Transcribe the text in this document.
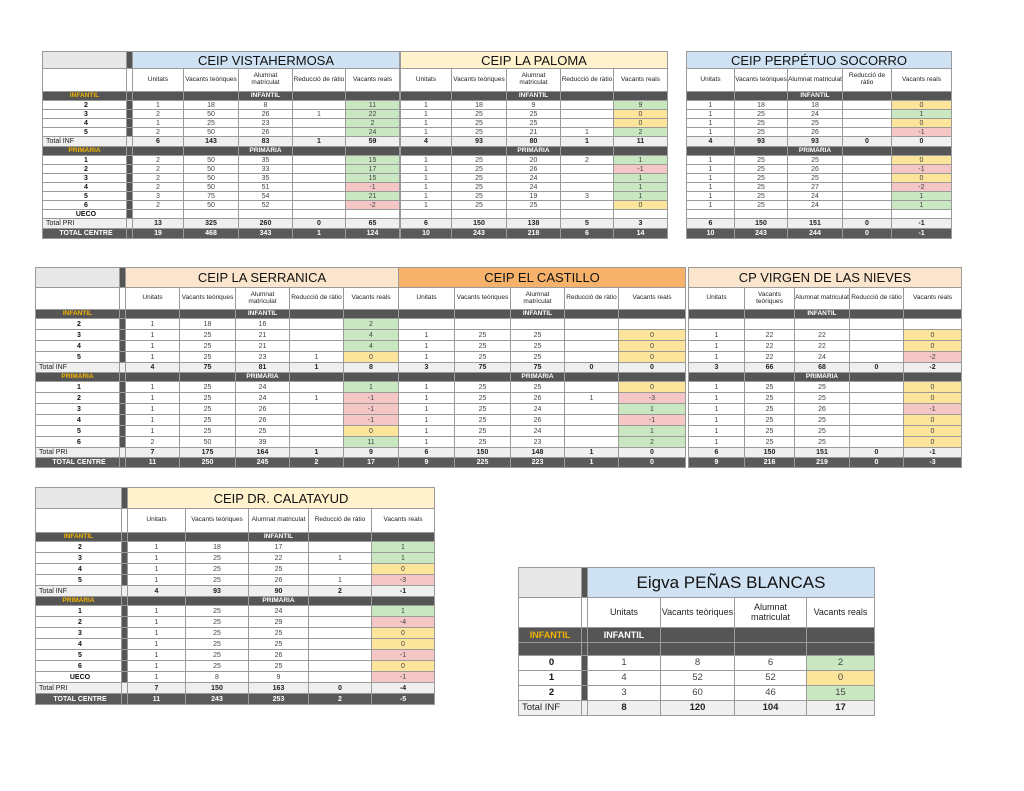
		CEIP VISTAHERMOSA				
		Unitats	Vacants teòriques	Alumnat matriculat	Reducció de ràtio	Vacants reals
INFANTIL				INFANTIL		
2		1	18	8		11
3		2	50	26	1	22
4		1	25	23		2
5		2	50	26		24
Total INF		6	143	83	1	59
PRIMÀRIA				PRIMÀRIA		
1		2	50	35		15
2		2	50	33		17
3		2	50	35		15
4		2	50	51		-1
5		3	75	54		21
6		2	50	52		-2
UECO						
Total PRI		13	325	260	0	65
TOTAL CENTRE		19	468	343	1	124
CEIP LA PALOMA				
Unitats	Vacants teòriques	Alumnat matriculat	Reducció de ràtio	Vacants reals
		INFANTIL		
1	18	9		9
1	25	25		0
1	25	25		0
1	25	21	1	2
4	93	80	1	11
		PRIMÀRIA		
1	25	20	2	1
1	25	26		-1
1	25	24		1
1	25	24		1
1	25	19	3	1
1	25	25		0

6	150	138	5	3
10	243	218	6	14
CEIP PERPÉTUO SOCORRO				
Unitats	Vacants teòriques	Alumnat matriculat	Reducció de ràtio	Vacants reals
		INFANTIL		
1	18	18		0
1	25	24		1
1	25	25		0
1	25	26		-1
4	93	93	0	0
		PRIMÀRIA		
1	25	25		0
1	25	26		-1
1	25	25		0
1	25	27		-2
1	25	24		1
1	25	24		1

6	150	151	0	-1
10	243	244	0	-1
		CEIP LA SERRANICA				
		Unitats	Vacants teòriques	Alumnat matriculat	Reducció de ràtio	Vacants reals
INFANTIL				INFANTIL		
2		1	18	16		2
3		1	25	21		4
4		1	25	21		4
5		1	25	23	1	0
Total INF		4	75	81	1	8
PRIMÀRIA				PRIMÀRIA		
1		1	25	24		1
2		1	25	24	1	-1
3		1	25	26		-1
4		1	25	26		-1
5		1	25	25		0
6		2	50	39		11
Total PRI		7	175	164	1	9
TOTAL CENTRE		11	250	245	2	17
CEIP EL CASTILLO				
Unitats	Vacants teòriques	Alumnat matriculat	Reducció de ràtio	Vacants reals
		INFANTIL		

1	25	25		0
1	25	25		0
1	25	25		0
3	75	75	0	0
		PRIMÀRIA		
1	25	25		0
1	25	26	1	-3
1	25	24		1
1	25	26		-1
1	25	24		1
1	25	23		2
6	150	148	1	0
9	225	223	1	0
CP VIRGEN DE LAS NIEVES				
Unitats	Vacants teòriques	Alumnat matriculat	Reducció de ràtio	Vacants reals
		INFANTIL		

1	22	22		0
1	22	22		0
1	22	24		-2
3	66	68	0	-2
		PRIMÀRIA		
1	25	25		0
1	25	25		0
1	25	26		-1
1	25	25		0
1	25	25		0
1	25	25		0
6	150	151	0	-1
9	216	219	0	-3
		CEIP DR. CALATAYUD				
		Unitats	Vacants teòriques	Alumnat matriculat	Reducció de ràtio	Vacants reals
INFANTIL				INFANTIL		
2		1	18	17		1
3		1	25	22	1	1
4		1	25	25		0
5		1	25	26	1	-3
Total INF		4	93	90	2	-1
PRIMÀRIA				PRIMÀRIA		
1		1	25	24		1
2		1	25	29		-4
3		1	25	25		0
4		1	25	25		0
5		1	25	26		-1
6		1	25	25		0
UECO		1	8	9		-1
Total PRI		7	150	163	0	-4
TOTAL CENTRE		11	243	253	2	-5
		Eigva PEÑAS BLANCAS			
		Unitats	Vacants teòriques	Alumnat matriculat	Vacants reals
INFANTIL		INFANTIL			

0		1	8	6	2
1		4	52	52	0
2		3	60	46	15
Total INF		8	120	104	17
